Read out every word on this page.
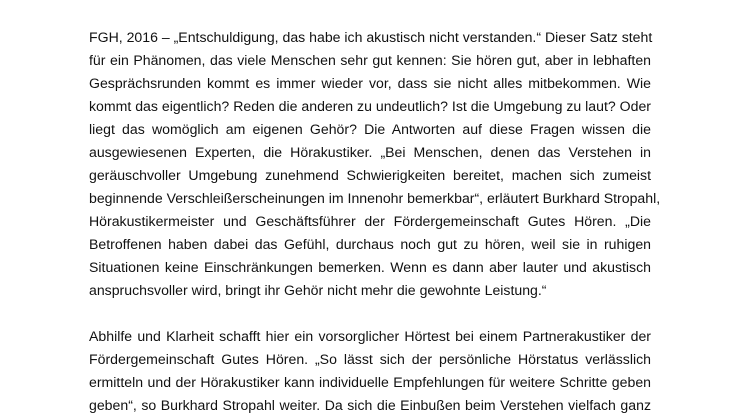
FGH, 2016 – „Entschuldigung, das habe ich akustisch nicht verstanden.“ Dieser Satz steht
für ein Phänomen, das viele Menschen sehr gut kennen: Sie hören gut, aber in lebhaften
Gesprächsrunden kommt es immer wieder vor, dass sie nicht alles mitbekommen. Wie
kommt das eigentlich? Reden die anderen zu undeutlich? Ist die Umgebung zu laut? Oder
liegt das womöglich am eigenen Gehör? Die Antworten auf diese Fragen wissen die
ausgewiesenen Experten, die Hörakustiker. „Bei Menschen, denen das Verstehen in
geräuschvoller Umgebung zunehmend Schwierigkeiten bereitet, machen sich zumeist
beginnende Verschleißerscheinungen im Innenohr bemerkbar“, erläutert Burkhard Stropahl,
Hörakustikermeister und Geschäftsführer der Fördergemeinschaft Gutes Hören. „Die
Betroffenen haben dabei das Gefühl, durchaus noch gut zu hören, weil sie in ruhigen
Situationen keine Einschränkungen bemerken. Wenn es dann aber lauter und akustisch
anspruchsvoller wird, bringt ihr Gehör nicht mehr die gewohnte Leistung.“
Abhilfe und Klarheit schafft hier ein vorsorglicher Hörtest bei einem Partnerakustiker der
Fördergemeinschaft Gutes Hören. „So lässt sich der persönliche Hörstatus verlässlich
ermitteln und der Hörakustiker kann individuelle Empfehlungen für weitere Schritte geben
geben“, so Burkhard Stropahl weiter. Da sich die Einbußen beim Verstehen vielfach ganz
